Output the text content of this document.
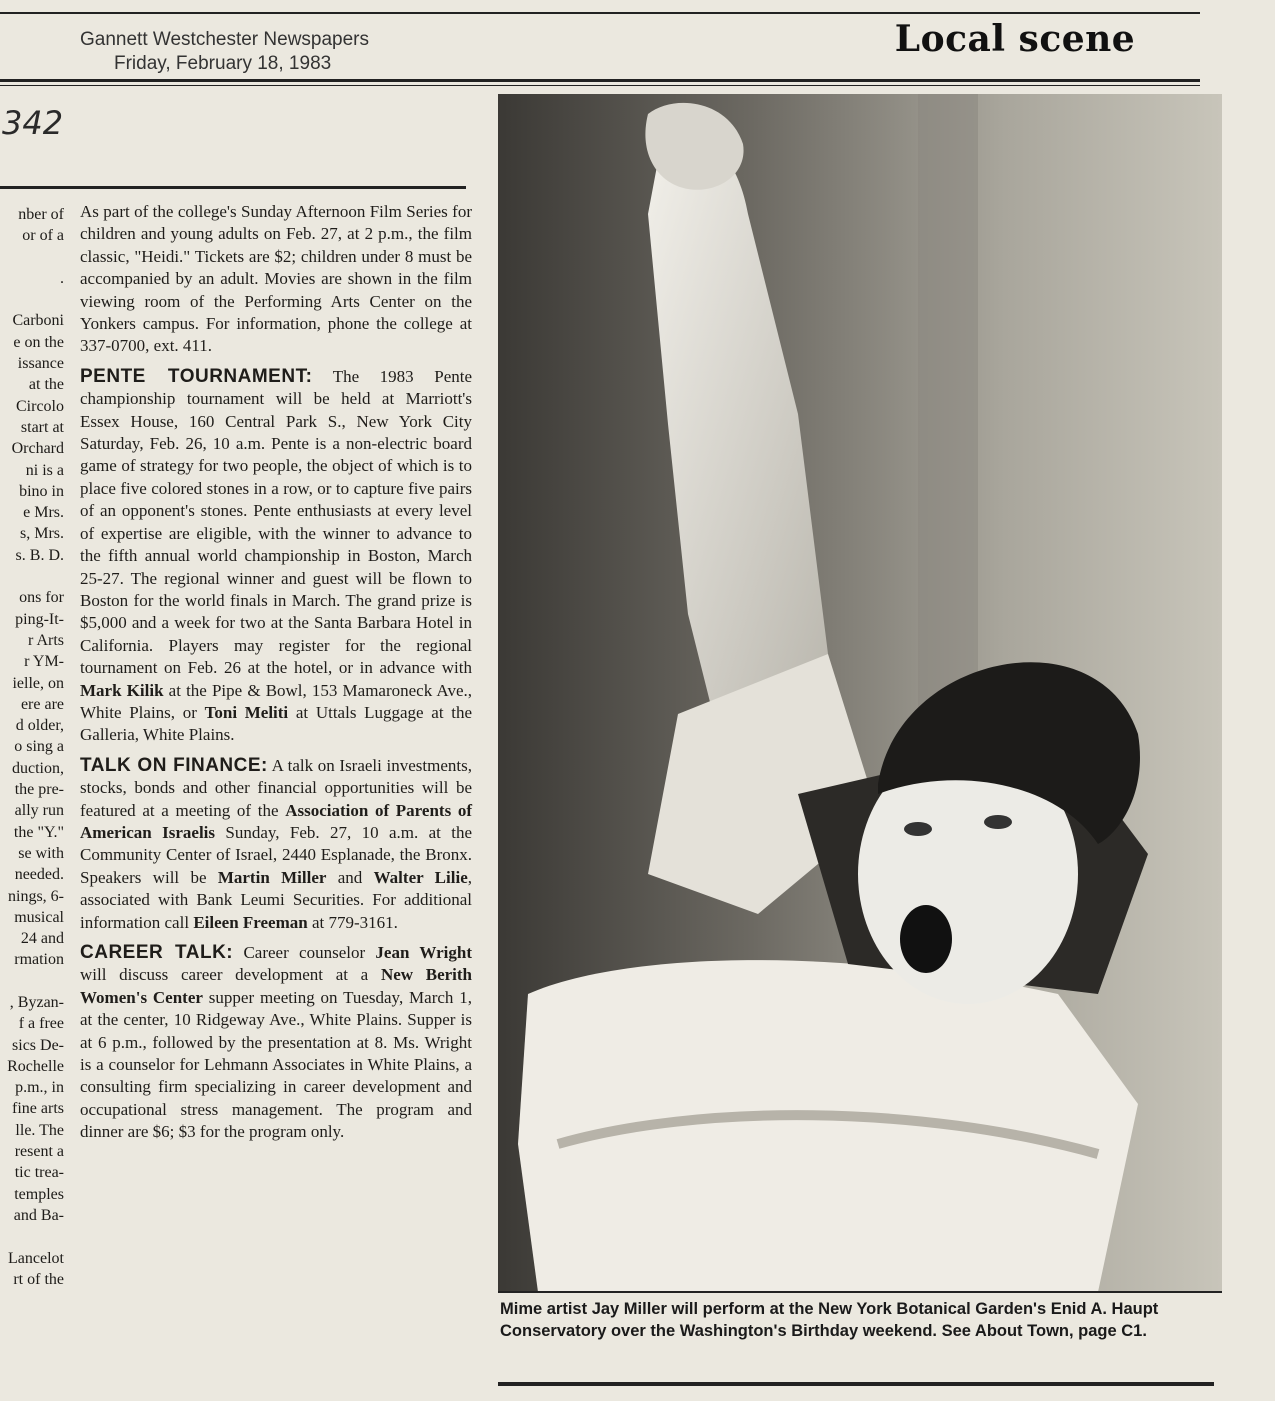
Gannett Westchester Newspapers
Friday, February 18, 1983
Local scene
342
nber of
or of a
.
Carboni
e on the
issance
at the
Circolo
start at
Orchard
ni is a
bino in
e Mrs.
s, Mrs.
s. B. D.
ons for
ping-It-
r Arts
r YM-
ielle, on
ere are
d older,
o sing a
duction,
the pre-
ally run
the "Y."
se with
needed.
nings, 6-
musical
24 and
rmation
, Byzan-
f a free
sics De-
Rochelle
p.m., in
fine arts
lle. The
resent a
tic trea-
temples
and Ba-
Lancelot
rt of the

As part of the college's Sunday Afternoon Film Series for children and young adults on Feb. 27, at 2 p.m., the film classic, "Heidi." Tickets are $2; children under 8 must be accompanied by an adult. Movies are shown in the film viewing room of the Performing Arts Center on the Yonkers campus. For information, phone the college at 337-0700, ext. 411.

PENTE TOURNAMENT: The 1983 Pente championship tournament will be held at Marriott's Essex House, 160 Central Park S., New York City Saturday, Feb. 26, 10 a.m. Pente is a non-electric board game of strategy for two people, the object of which is to place five colored stones in a row, or to capture five pairs of an opponent's stones. Pente enthusiasts at every level of expertise are eligible, with the winner to advance to the fifth annual world championship in Boston, March 25-27. The regional winner and guest will be flown to Boston for the world finals in March. The grand prize is $5,000 and a week for two at the Santa Barbara Hotel in California. Players may register for the regional tournament on Feb. 26 at the hotel, or in advance with Mark Kilik at the Pipe & Bowl, 153 Mamaroneck Ave., White Plains, or Toni Meliti at Uttals Luggage at the Galleria, White Plains.

TALK ON FINANCE: A talk on Israeli investments, stocks, bonds and other financial opportunities will be featured at a meeting of the Association of Parents of American Israelis Sunday, Feb. 27, 10 a.m. at the Community Center of Israel, 2440 Esplanade, the Bronx. Speakers will be Martin Miller and Walter Lilie, associated with Bank Leumi Securities. For additional information call Eileen Freeman at 779-3161.

CAREER TALK: Career counselor Jean Wright will discuss career development at a New Berith Women's Center supper meeting on Tuesday, March 1, at the center, 10 Ridgeway Ave., White Plains. Supper is at 6 p.m., followed by the presentation at 8. Ms. Wright is a counselor for Lehmann Associates in White Plains, a consulting firm specializing in career development and occupational stress management. The program and dinner are $6; $3 for the program only.

Mime artist Jay Miller will perform at the New York Botanical Garden's Enid A. Haupt Conservatory over the Washington's Birthday weekend. See About Town, page C1.
